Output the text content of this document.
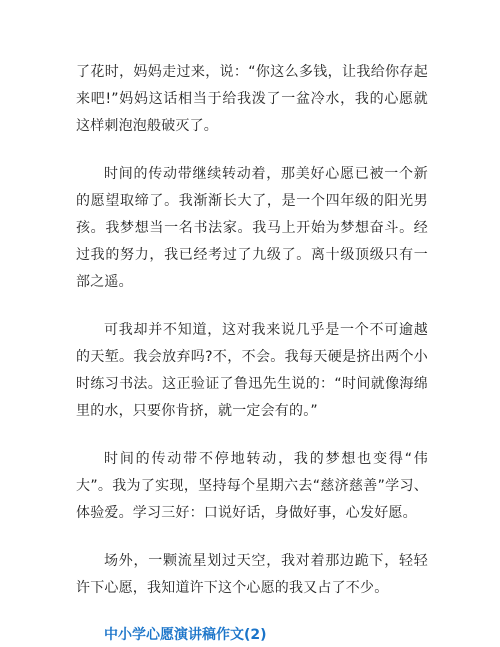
了花时，妈妈走过来，说：“你这么多钱，让我给你存起来吧!”妈妈这话相当于给我泼了一盆冷水，我的心愿就这样刺泡泡般破灭了。

时间的传动带继续转动着，那美好心愿已被一个新的愿望取缔了。我渐渐长大了，是一个四年级的阳光男孩。我梦想当一名书法家。我马上开始为梦想奋斗。经过我的努力，我已经考过了九级了。离十级顶级只有一部之遥。

可我却并不知道，这对我来说几乎是一个不可逾越的天堑。我会放弃吗?不，不会。我每天硬是挤出两个小时练习书法。这正验证了鲁迅先生说的：“时间就像海绵里的水，只要你肯挤，就一定会有的。”

时间的传动带不停地转动，我的梦想也变得“伟大”。我为了实现，坚持每个星期六去“慈济慈善”学习、体验爱。学习三好：口说好话，身做好事，心发好愿。

场外，一颗流星划过天空，我对着那边跪下，轻轻许下心愿，我知道许下这个心愿的我又占了不少。

中小学心愿演讲稿作文(2)
